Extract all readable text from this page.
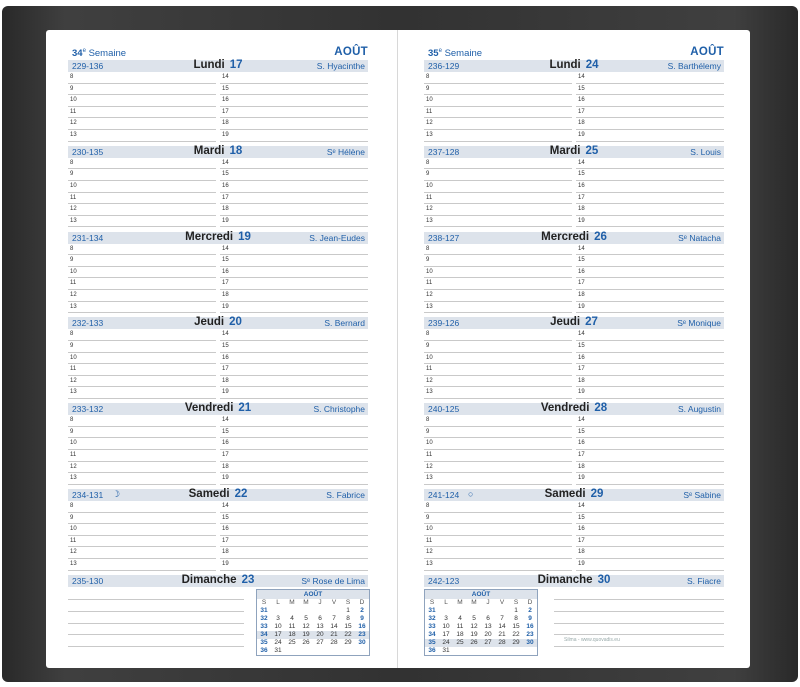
34e Semaine	AOÛT
229-136	Lundi 17	S. Hyacinthe
8
9
10
11
12
13
14
15
16
17
18
19
230-135	Mardi 18	Sᵉ Hélène
8
9
10
11
12
13
14
15
16
17
18
19
231-134	Mercredi 19	S. Jean-Eudes
8
9
10
11
12
13
14
15
16
17
18
19
232-133	Jeudi 20	S. Bernard
8
9
10
11
12
13
14
15
16
17
18
19
233-132	Vendredi 21	S. Christophe
8
9
10
11
12
13
14
15
16
17
18
19
234-131 ☽	Samedi 22	S. Fabrice
8
9
10
11
12
13
14
15
16
17
18
19
235-130	Dimanche 23	Sᵉ Rose de Lima
AOÛT
S	L	M	M	J	V	S	D
31						1	2
32	3	4	5	6	7	8	9
33	10	11	12	13	14	15	16
34	17	18	19	20	21	22	23
35	24	25	26	27	28	29	30
36	31						
35e Semaine	AOÛT
236-129	Lundi 24	S. Barthélemy
8
9
10
11
12
13
14
15
16
17
18
19
237-128	Mardi 25	S. Louis
8
9
10
11
12
13
14
15
16
17
18
19
238-127	Mercredi 26	Sᵉ Natacha
8
9
10
11
12
13
14
15
16
17
18
19
239-126	Jeudi 27	Sᵉ Monique
8
9
10
11
12
13
14
15
16
17
18
19
240-125	Vendredi 28	S. Augustin
8
9
10
11
12
13
14
15
16
17
18
19
241-124 ○	Samedi 29	Sᵉ Sabine
8
9
10
11
12
13
14
15
16
17
18
19
242-123	Dimanche 30	S. Fiacre
AOÛT
S	L	M	M	J	V	S	D
31						1	2
32	3	4	5	6	7	8	9
33	10	11	12	13	14	15	16
34	17	18	19	20	21	22	23
35	24	25	26	27	28	29	30
36	31						
Silma - www.quovadis.eu
